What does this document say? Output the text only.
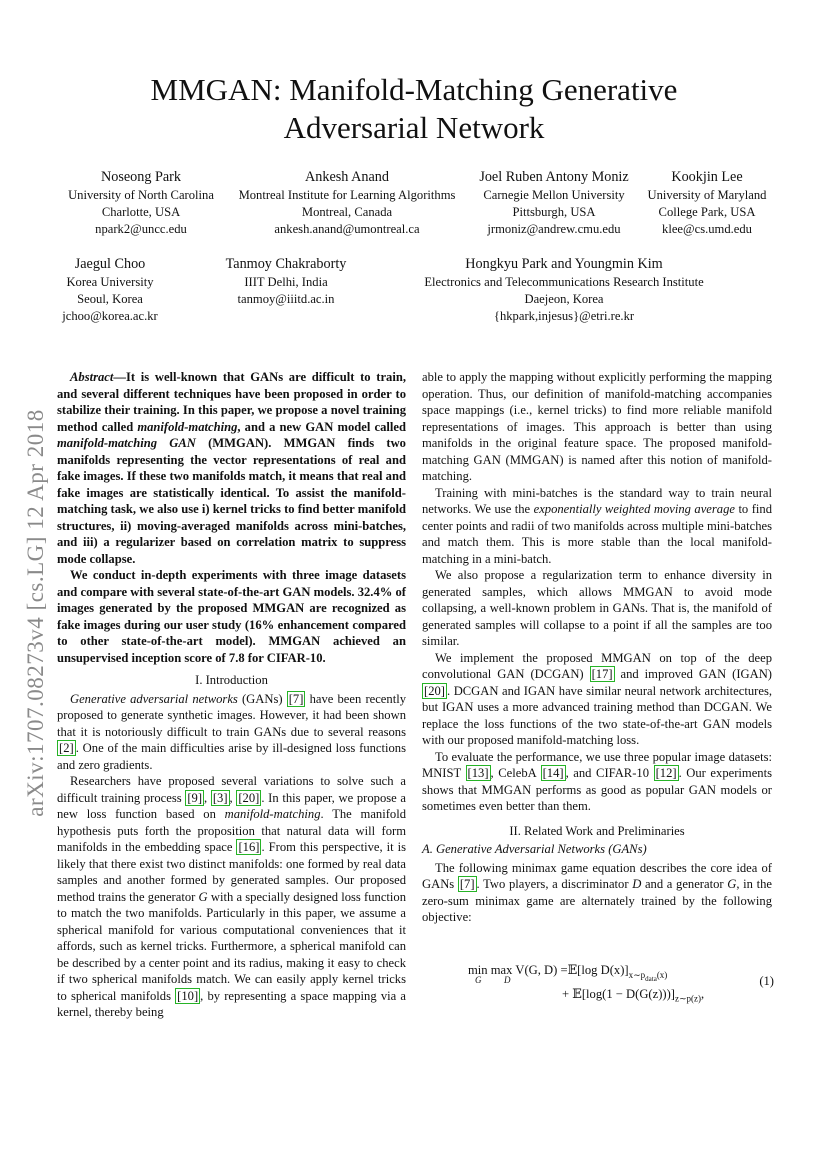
arXiv:1707.08273v4 [cs.LG] 12 Apr 2018
MMGAN: Manifold-Matching Generative
Adversarial Network
Noseong Park
University of North Carolina
Charlotte, USA
npark2@uncc.edu
Ankesh Anand
Montreal Institute for Learning Algorithms
Montreal, Canada
ankesh.anand@umontreal.ca
Joel Ruben Antony Moniz
Carnegie Mellon University
Pittsburgh, USA
jrmoniz@andrew.cmu.edu
Kookjin Lee
University of Maryland
College Park, USA
klee@cs.umd.edu
Jaegul Choo
Korea University
Seoul, Korea
jchoo@korea.ac.kr
Tanmoy Chakraborty
IIIT Delhi, India
tanmoy@iiitd.ac.in
Hongkyu Park and Youngmin Kim
Electronics and Telecommunications Research Institute
Daejeon, Korea
{hkpark,injesus}@etri.re.kr

Abstract—It is well-known that GANs are difficult to train, and several different techniques have been proposed in order to stabilize their training. In this paper, we propose a novel training method called manifold-matching, and a new GAN model called manifold-matching GAN (MMGAN). MMGAN finds two manifolds representing the vector representations of real and fake images. If these two manifolds match, it means that real and fake images are statistically identical. To assist the manifold-matching task, we also use i) kernel tricks to find better manifold structures, ii) moving-averaged manifolds across mini-batches, and iii) a regularizer based on correlation matrix to suppress mode collapse.

We conduct in-depth experiments with three image datasets and compare with several state-of-the-art GAN models. 32.4% of images generated by the proposed MMGAN are recognized as fake images during our user study (16% enhancement compared to other state-of-the-art model). MMGAN achieved an unsupervised inception score of 7.8 for CIFAR-10.

I. Introduction

Generative adversarial networks (GANs) [7] have been recently proposed to generate synthetic images. However, it had been shown that it is notoriously difficult to train GANs due to several reasons [2] . One of the main difficulties arise by ill-designed loss functions and zero gradients.

Researchers have proposed several variations to solve such a difficult training process [9] , [3] , [20] . In this paper, we propose a new loss function based on manifold-matching. The manifold hypothesis puts forth the proposition that natural data will form manifolds in the embedding space [16] . From this perspective, it is likely that there exist two distinct manifolds: one formed by real data samples and another formed by generated samples. Our proposed method trains the generator G with a specially designed loss function to match the two manifolds. Particularly in this paper, we assume a spherical manifold for various computational conveniences that it affords, such as kernel tricks. Furthermore, a spherical manifold can be described by a center point and its radius, making it easy to check if two spherical manifolds match. We can easily apply kernel tricks to spherical manifolds [10] , by representing a space mapping via a kernel, thereby being

able to apply the mapping without explicitly performing the mapping operation. Thus, our definition of manifold-matching accompanies space mappings (i.e., kernel tricks) to find more reliable manifold representations of images. This approach is better than using manifolds in the original feature space. The proposed manifold-matching GAN (MMGAN) is named after this notion of manifold-matching.

Training with mini-batches is the standard way to train neural networks. We use the exponentially weighted moving average to find center points and radii of two manifolds across multiple mini-batches and match them. This is more stable than the local manifold-matching in a mini-batch.

We also propose a regularization term to enhance diversity in generated samples, which allows MMGAN to avoid mode collapsing, a well-known problem in GANs. That is, the manifold of generated samples will collapse to a point if all the samples are too similar.

We implement the proposed MMGAN on top of the deep convolutional GAN (DCGAN) [17] and improved GAN (IGAN) [20] . DCGAN and IGAN have similar neural network architectures, but IGAN uses a more advanced training method than DCGAN. We replace the loss functions of the two state-of-the-art GAN models with our proposed manifold-matching loss.

To evaluate the performance, we use three popular image datasets: MNIST [13] , CelebA [14] , and CIFAR-10 [12] . Our experiments shows that MMGAN performs as good as popular GAN models or sometimes even better than them.

II. Related Work and Preliminaries
A. Generative Adversarial Networks (GANs)

The following minimax game equation describes the core idea of GANs [7] . Two players, a discriminator D and a generator G, in the zero-sum minimax game are alternately trained by the following objective:

min max V(G, D) =𝔼[log $D(x)]_{x\sim p_{data}(x)}$
G	D
+ 𝔼[log(1 − $D(G(z)))]_{z\sim p(z)}$,
(1)
